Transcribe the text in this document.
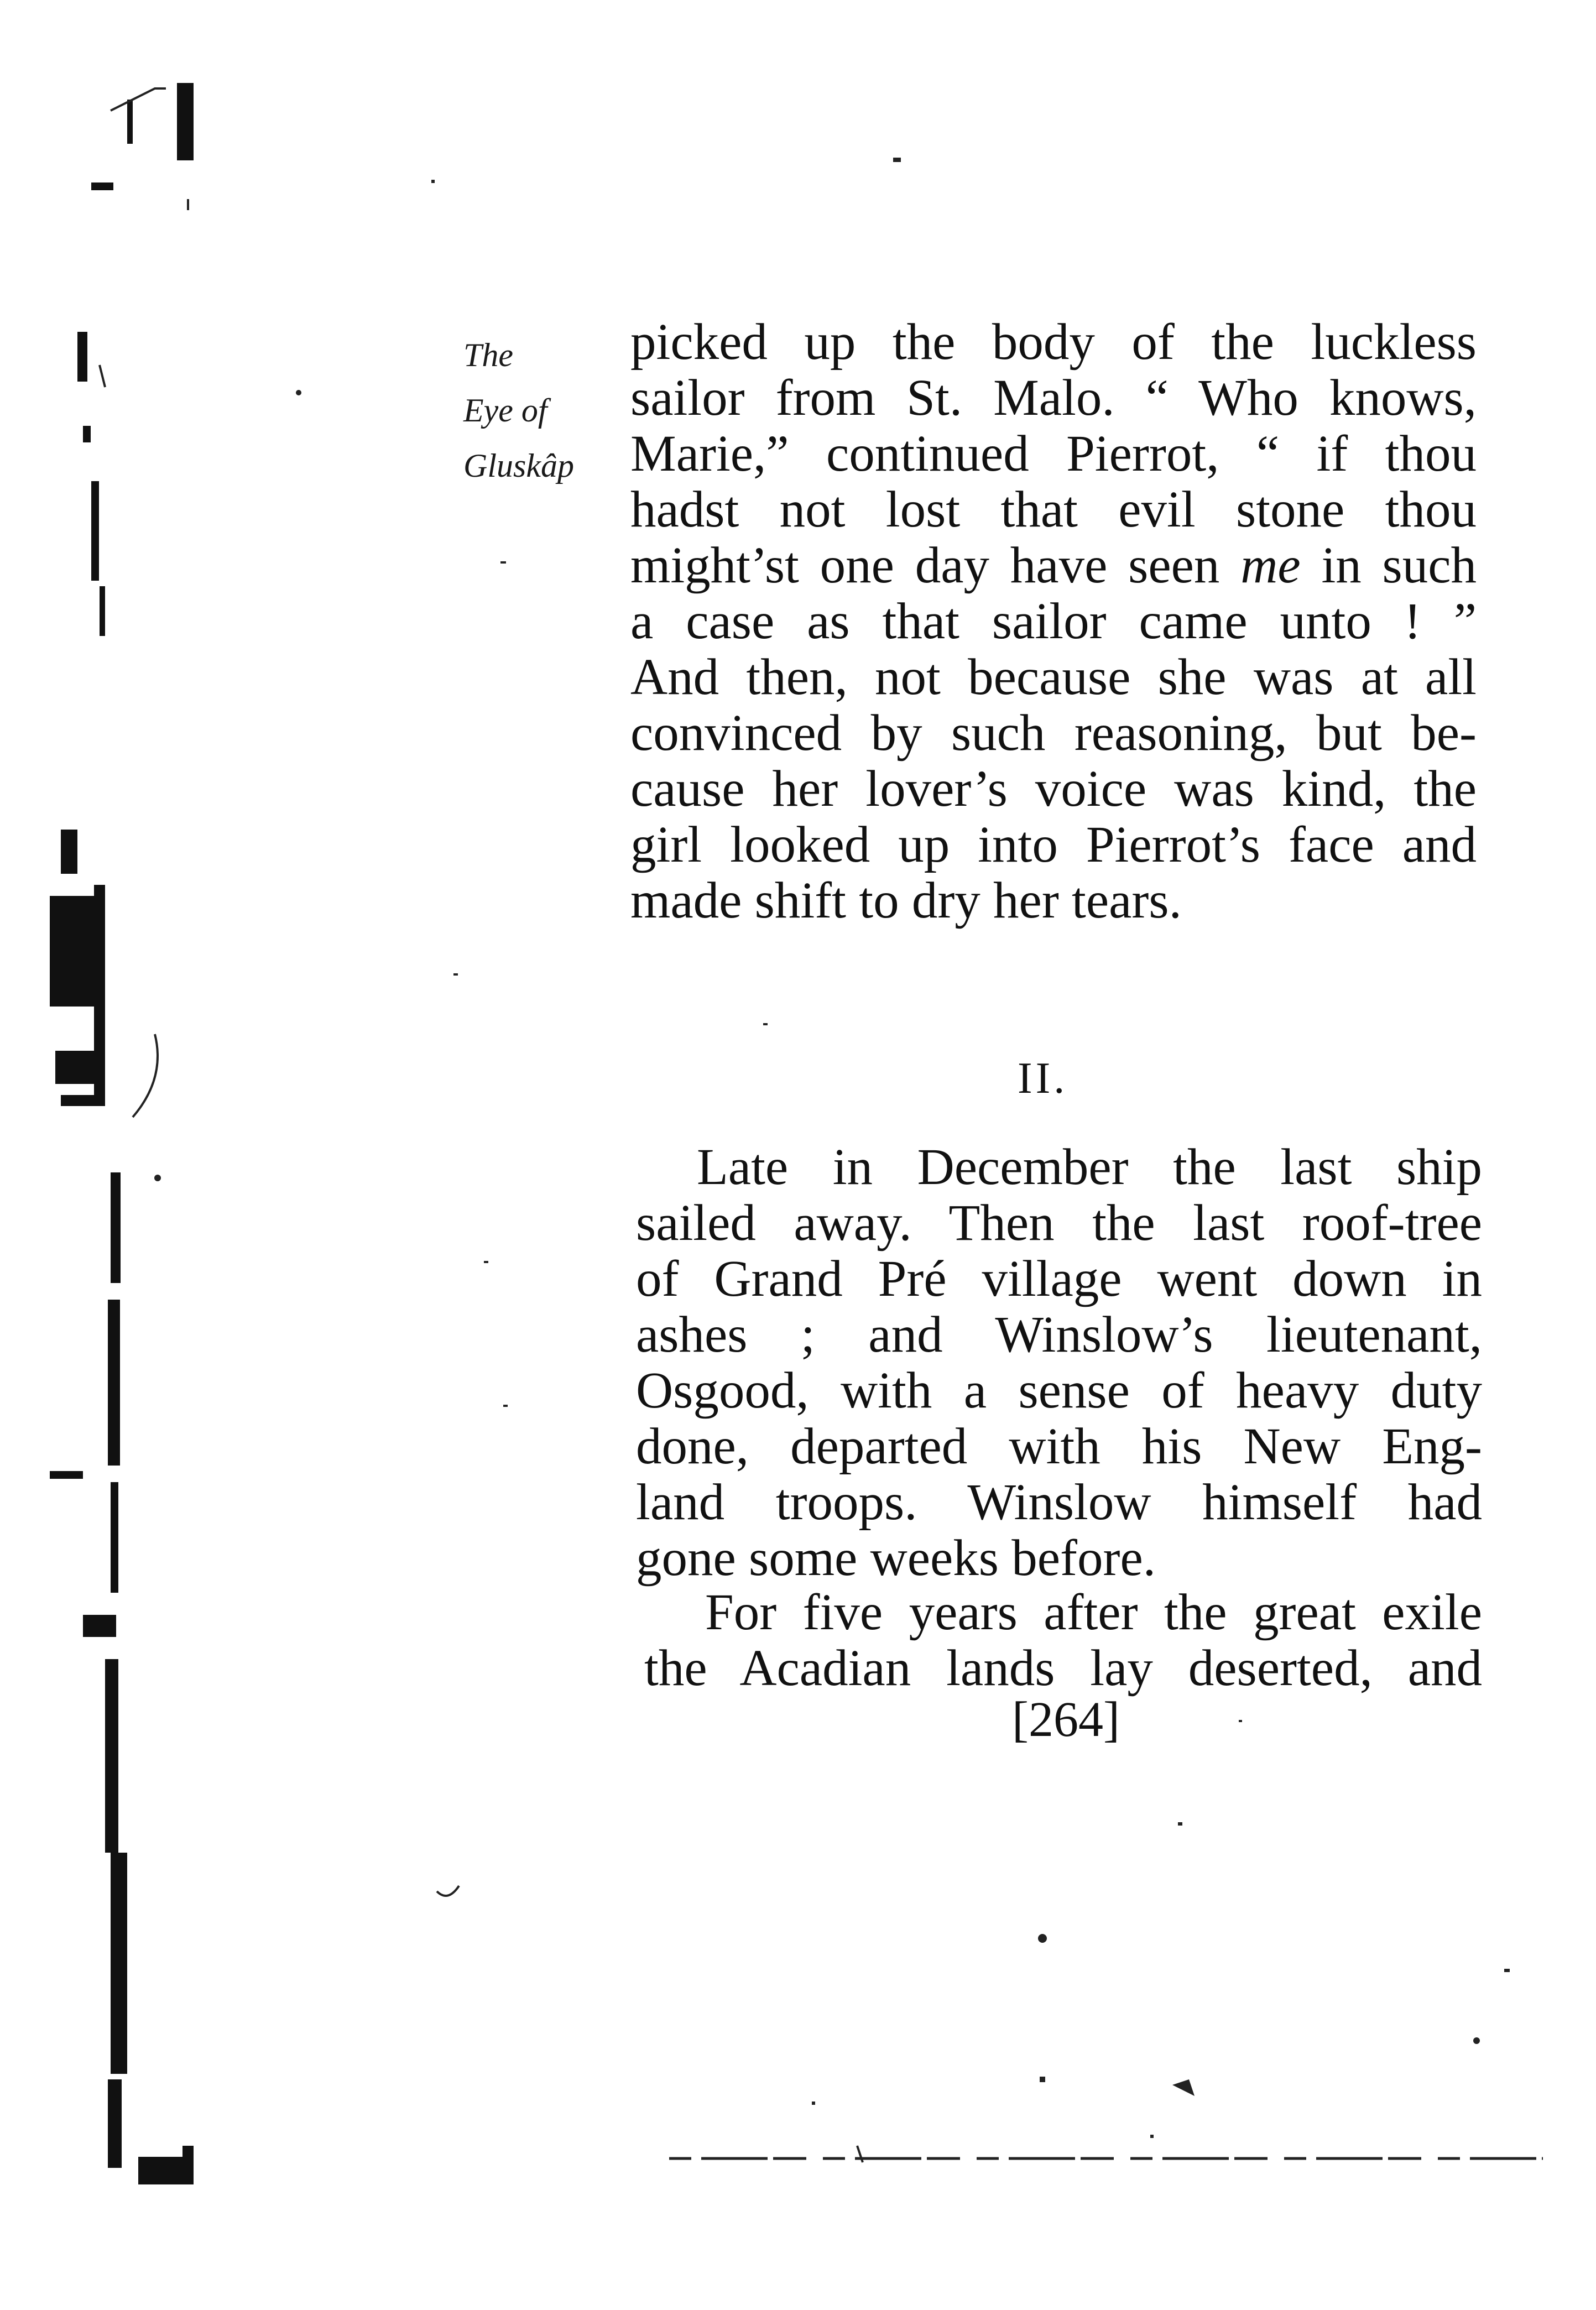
The
Eye of
Gluskâp
picked up the body of the luckless
sailor from St. Malo. “ Who knows,
Marie,” continued Pierrot, “ if thou
hadst not lost that evil stone thou
might’st one day have seen me in such
a case as that sailor came unto ! ”
And then, not because she was at all
convinced by such reasoning, but be-
cause her lover’s voice was kind, the
girl looked up into Pierrot’s face and
made shift to dry her tears.
II.
Late in December the last ship
sailed away. Then the last roof-tree
of Grand Pré village went down in
ashes ; and Winslow’s lieutenant,
Osgood, with a sense of heavy duty
done, departed with his New Eng-
land troops. Winslow himself had
gone some weeks before.
For five years after the great exile
the Acadian lands lay deserted, and
[264]
